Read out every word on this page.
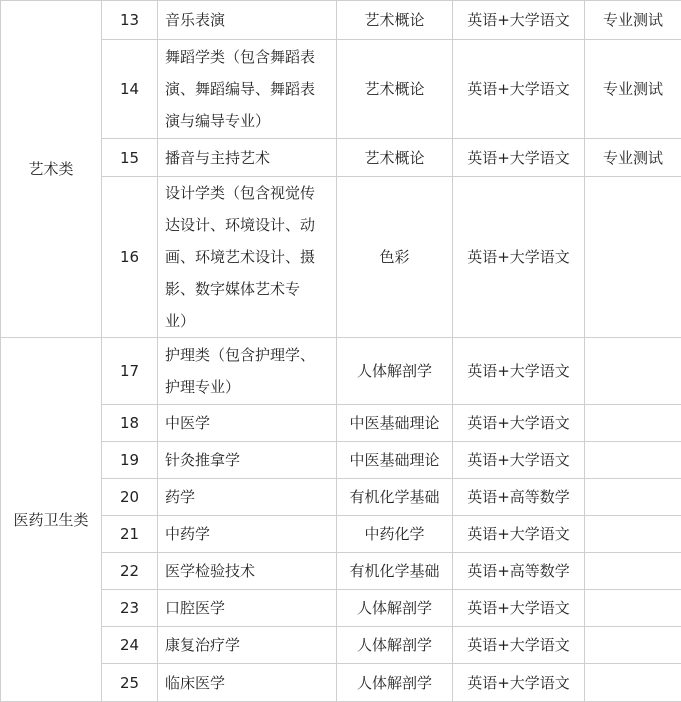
艺术类	13	音乐表演	艺术概论	英语+大学语文	专业测试
	14	舞蹈学类（包含舞蹈表
演、舞蹈编导、舞蹈表
演与编导专业）	艺术概论	英语+大学语文	专业测试
	15	播音与主持艺术	艺术概论	英语+大学语文	专业测试
	16	设计学类（包含视觉传
达设计、环境设计、动
画、环境艺术设计、摄
影、数字媒体艺术专
业）	色彩	英语+大学语文	
医药卫生类	17	护理类（包含护理学、
护理专业）	人体解剖学	英语+大学语文	
	18	中医学	中医基础理论	英语+大学语文	
	19	针灸推拿学	中医基础理论	英语+大学语文	
	20	药学	有机化学基础	英语+高等数学	
	21	中药学	中药化学	英语+大学语文	
	22	医学检验技术	有机化学基础	英语+高等数学	
	23	口腔医学	人体解剖学	英语+大学语文	
	24	康复治疗学	人体解剖学	英语+大学语文	
	25	临床医学	人体解剖学	英语+大学语文	
